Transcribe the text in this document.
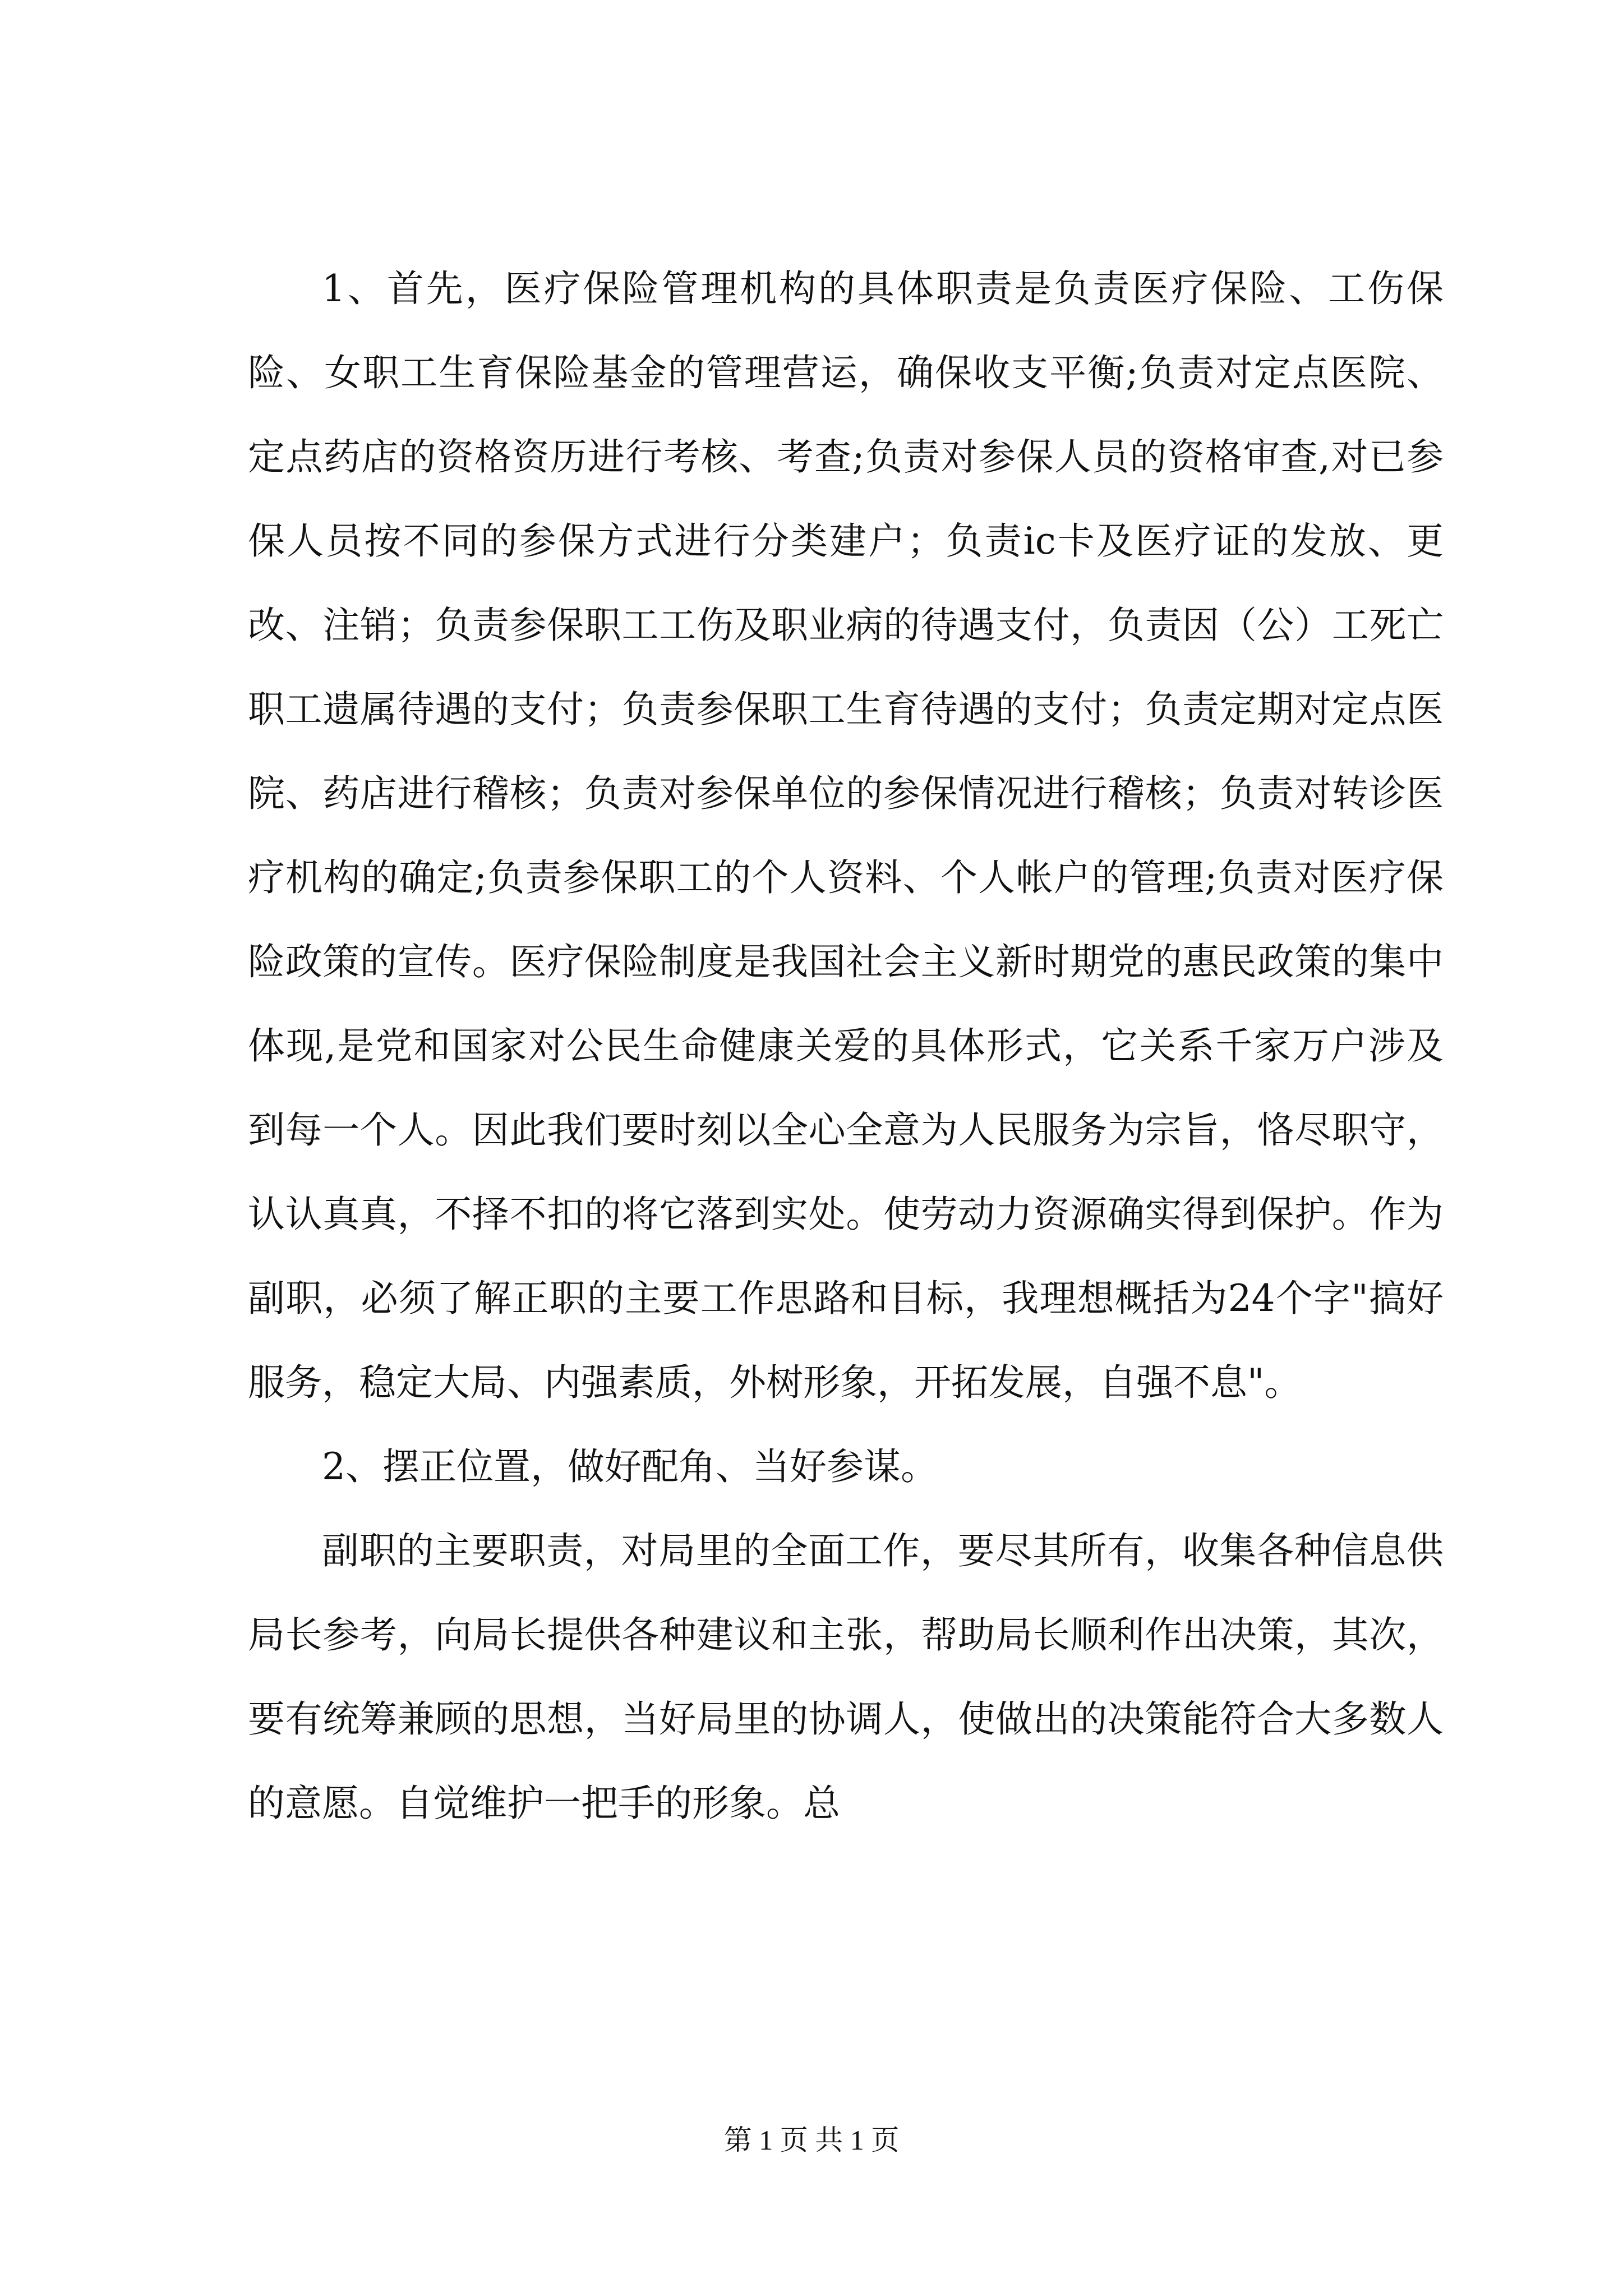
1、首先，医疗保险管理机构的具体职责是负责医疗保险、工伤保险、女职工生育保险基金的管理营运，确保收支平衡;负责对定点医院、定点药店的资格资历进行考核、考查;负责对参保人员的资格审查,对已参保人员按不同的参保方式进行分类建户；负责ic卡及医疗证的发放、更改、注销；负责参保职工工伤及职业病的待遇支付，负责因（公）工死亡职工遗属待遇的支付；负责参保职工生育待遇的支付；负责定期对定点医院、药店进行稽核；负责对参保单位的参保情况进行稽核；负责对转诊医疗机构的确定;负责参保职工的个人资料、个人帐户的管理;负责对医疗保险政策的宣传。医疗保险制度是我国社会主义新时期党的惠民政策的集中体现,是党和国家对公民生命健康关爱的具体形式，它关系千家万户涉及到每一个人。因此我们要时刻以全心全意为人民服务为宗旨，恪尽职守，认认真真，不择不扣的将它落到实处。使劳动力资源确实得到保护。作为副职，必须了解正职的主要工作思路和目标，我理想概括为24个字"搞好服务，稳定大局、内强素质，外树形象，开拓发展，自强不息"。

2、摆正位置，做好配角、当好参谋。

副职的主要职责，对局里的全面工作，要尽其所有，收集各种信息供局长参考，向局长提供各种建议和主张，帮助局长顺利作出决策，其次，要有统筹兼顾的思想，当好局里的协调人，使做出的决策能符合大多数人的意愿。自觉维护一把手的形象。总

第 1 页 共 1 页
